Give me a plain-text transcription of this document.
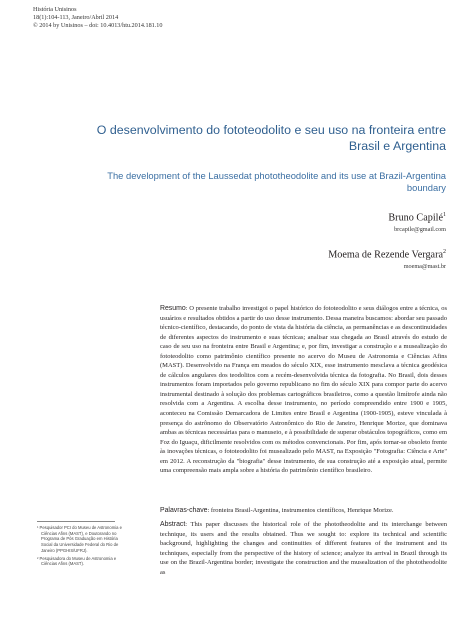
História Unisinos
18(1):104-113, Janeiro/Abril 2014
© 2014 by Unisinos – doi: 10.4013/htu.2014.181.10
O desenvolvimento do fototeodolito e seu uso na fronteira entre Brasil e Argentina
The development of the Laussedat phototheodolite and its use at Brazil-Argentina boundary
Bruno Capilé$^1$
brcapile@gmail.com
Moema de Rezende Vergara$^2$
moema@mast.br
Resumo: O presente trabalho investigoi o papel histórico do fototeodolito e seus diálogos entre a técnica, os usuários e resultados obtidos a partir do uso desse instrumento. Dessa maneira buscamos: abordar seu passado técnico-científico, destacando, do ponto de vista da história da ciência, as permanências e as descontinuidades de diferentes aspectos do instrumento e suas técnicas; analisar sua chegada ao Brasil através do estudo de caso de seu uso na fronteira entre Brasil e Argentina; e, por fim, investigar a construção e a musealização do fototeodolito como patrimônio científico presente no acervo do Museu de Astronomia e Ciências Afins (MAST). Desenvolvido na França em meados do século XIX, esse instrumento mesclava a técnica geodésica de cálculos angulares dos teodolitos com a recém-desenvolvida técnica da fotografia. No Brasil, dois desses instrumentos foram importados pelo governo republicano no fim do século XIX para compor parte do acervo instrumental destinado à solução dos problemas cartográficos brasileiros, como a questão limítrofe ainda não resolvida com a Argentina. A escolha desse instrumento, no período compreendido entre 1900 e 1905, aconteceu na Comissão Demarcadora de Limites entre Brasil e Argentina (1900-1905), esteve vinculada à presença do astrônomo do Observatório Astronômico do Rio de Janeiro, Henrique Morize, que dominava ambas as técnicas necessárias para o manuseio, e à possibilidade de superar obstáculos topográficos, como em Foz do Iguaçu, dificilmente resolvidos com os métodos convencionais. Por fim, após tornar-se obsoleto frente às inovações técnicas, o fototeodolito foi musealizado pelo MAST, na Exposição "Fotografia: Ciência e Arte" em 2012. A reconstrução da "biografia" desse instrumento, de sua construção até a exposição atual, permite uma compreensão mais ampla sobre a história do patrimônio científico brasileiro.
Palavras-chave: fronteira Brasil-Argentina, instrumentos científicos, Henrique Morize.
Abstract: This paper discusses the historical role of the phototheodolite and its interchange between technique, its users and the results obtained. Thus we sought to: explore its technical and scientific background, highlighting the changes and continuities of different features of the instrument and its techniques, especially from the perspective of the history of science; analyze its arrival in Brazil through its use on the Brazil-Argentina border; investigate the construction and the musealization of the phototheodolite as

¹ Pesquisador PCI do Museu de Astronomia e Ciências Afins (MAST), e Doutorando no Programa de Pós Graduação em História Social da Universidade Federal do Rio de Janeiro (PPGHIS/UFRJ).

² Pesquisadora do Museu de Astronomia e Ciências Afins (MAST).
